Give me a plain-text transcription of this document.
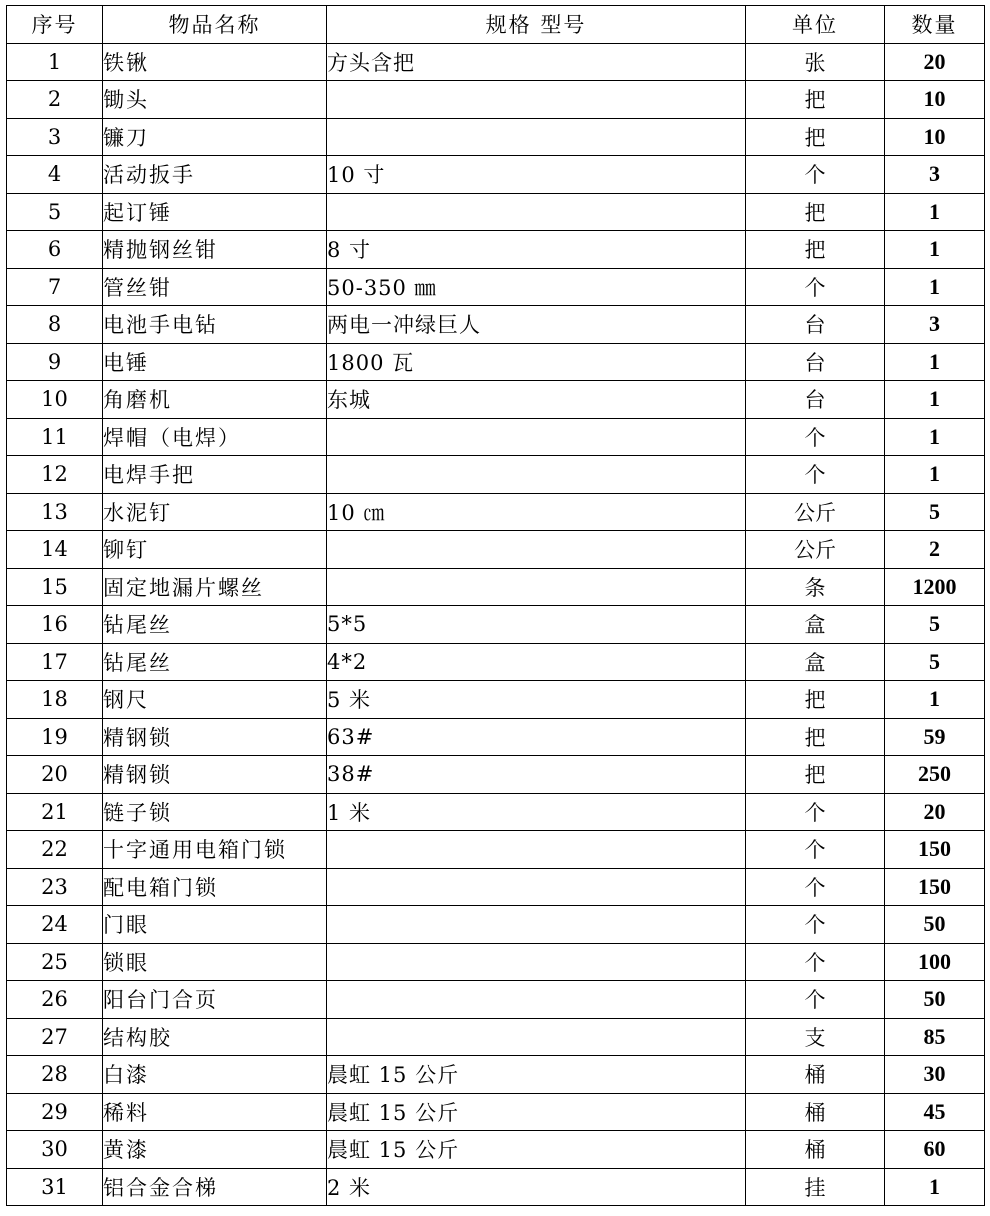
序号	物品名称	规格 型号	单位	数量
1	铁锹	方头含把	张	20
2	锄头		把	10
3	镰刀		把	10
4	活动扳手	10 寸	个	3
5	起订锤		把	1
6	精抛钢丝钳	8 寸	把	1
7	管丝钳	50-350 ㎜	个	1
8	电池手电钻	两电一冲绿巨人	台	3
9	电锤	1800 瓦	台	1
10	角磨机	东城	台	1
11	焊帽（电焊）		个	1
12	电焊手把		个	1
13	水泥钉	10 ㎝	公斤	5
14	铆钉		公斤	2
15	固定地漏片螺丝		条	1200
16	钻尾丝	5*5	盒	5
17	钻尾丝	4*2	盒	5
18	钢尺	5 米	把	1
19	精钢锁	63#	把	59
20	精钢锁	38#	把	250
21	链子锁	1 米	个	20
22	十字通用电箱门锁		个	150
23	配电箱门锁		个	150
24	门眼		个	50
25	锁眼		个	100
26	阳台门合页		个	50
27	结构胶		支	85
28	白漆	晨虹 15 公斤	桶	30
29	稀料	晨虹 15 公斤	桶	45
30	黄漆	晨虹 15 公斤	桶	60
31	铝合金合梯	2 米	挂	1
